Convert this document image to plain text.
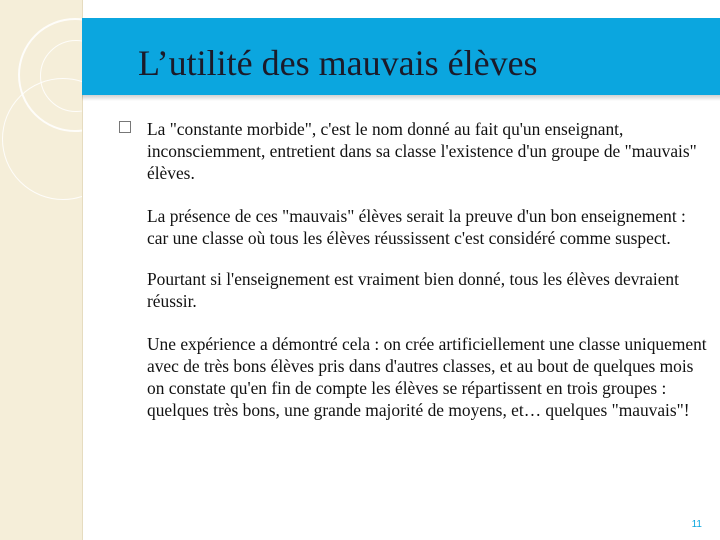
L’utilité des mauvais élèves

La "constante morbide", c'est le nom donné au fait qu'un enseignant, inconsciemment, entretient dans sa classe l'existence d'un groupe de "mauvais" élèves.

La présence de ces "mauvais" élèves serait la preuve d'un bon enseignement : car une classe où tous les élèves réussissent c'est considéré comme suspect.

Pourtant si l'enseignement est vraiment bien donné, tous les élèves devraient réussir.

Une expérience a démontré cela : on crée artificiellement une classe uniquement avec de très bons élèves pris dans d'autres classes, et au bout de quelques mois on constate qu'en fin de compte les élèves se répartissent en trois groupes : quelques très bons, une grande majorité de moyens, et… quelques "mauvais"!

11
